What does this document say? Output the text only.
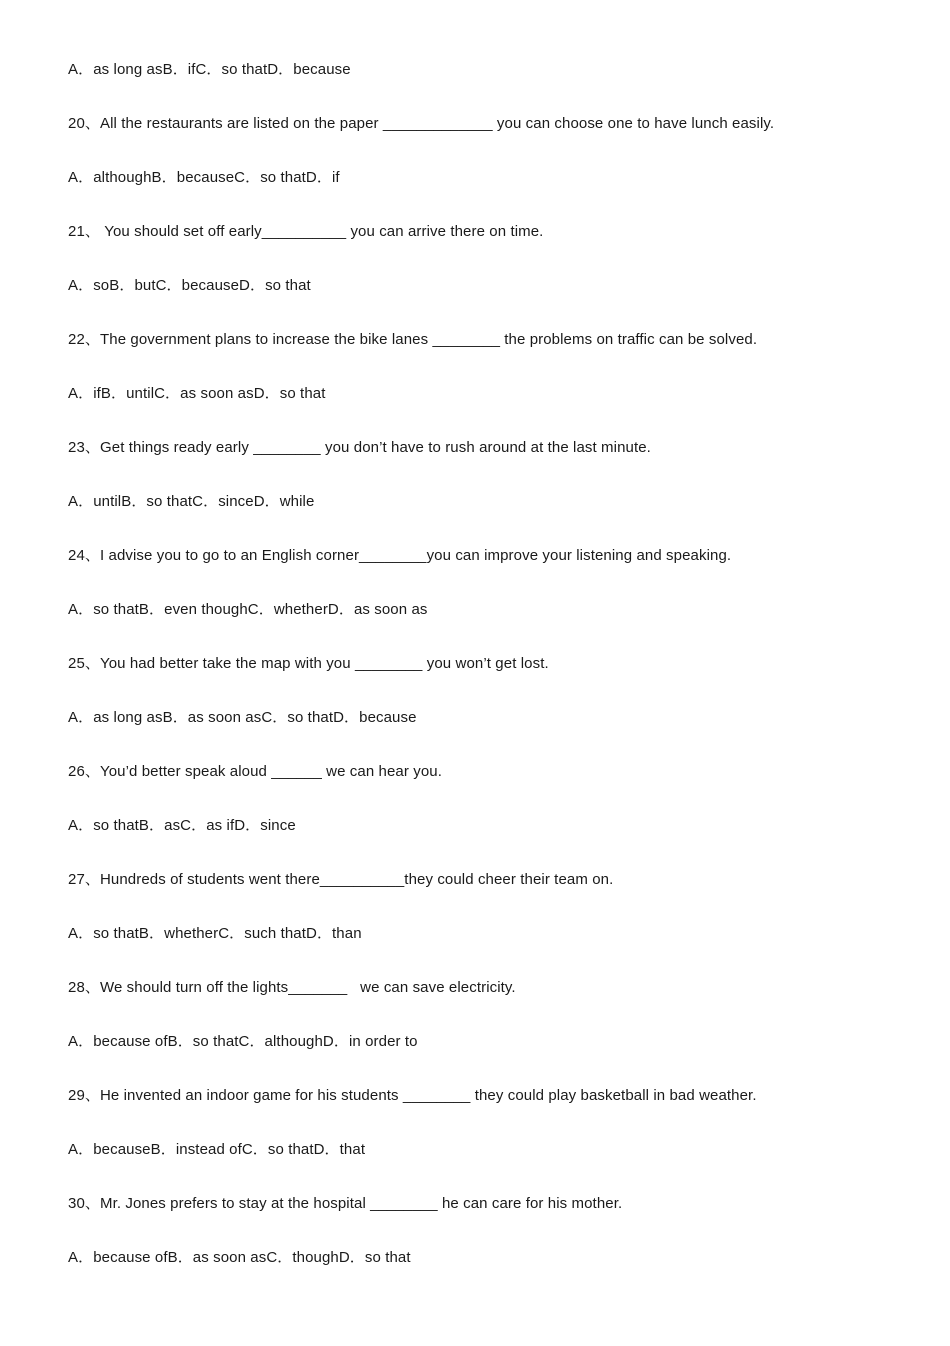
A．as long asB．ifC．so thatD．because
20、All the restaurants are listed on the paper _____________ you can choose one to have lunch easily.
A．althoughB．becauseC．so thatD．if
21、 You should set off early__________ you can arrive there on time.
A．soB．butC．becauseD．so that
22、The government plans to increase the bike lanes ________ the problems on traffic can be solved.
A．ifB．untilC．as soon asD．so that
23、Get things ready early ________ you don’t have to rush around at the last minute.
A．untilB．so thatC．sinceD．while
24、I advise you to go to an English corner________you can improve your listening and speaking.
A．so thatB．even thoughC．whetherD．as soon as
25、You had better take the map with you ________ you won’t get lost.
A．as long asB．as soon asC．so thatD．because
26、You’d better speak aloud ______ we can hear you.
A．so thatB．asC．as ifD．since
27、Hundreds of students went there__________they could cheer their team on.
A．so thatB．whetherC．such thatD．than
28、We should turn off the lights_______   we can save electricity.
A．because ofB．so thatC．althoughD．in order to
29、He invented an indoor game for his students ________ they could play basketball in bad weather.
A．becauseB．instead ofC．so thatD．that
30、Mr. Jones prefers to stay at the hospital ________ he can care for his mother.
A．because ofB．as soon asC．thoughD．so that
